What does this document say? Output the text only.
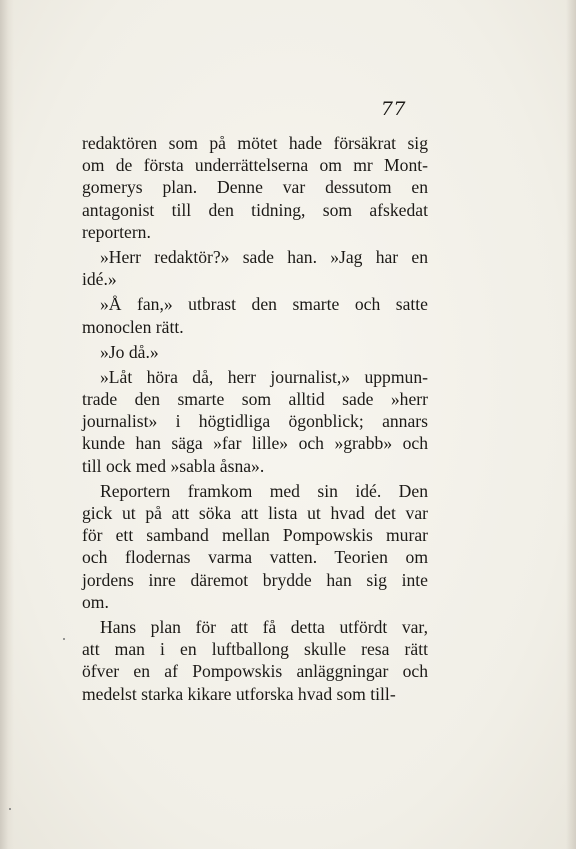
77
redaktören som på mötet hade försäkrat sig
om de första underrättelserna om mr Mont-
gomerys plan. Denne var dessutom en
antagonist till den tidning, som afskedat
reportern.
»Herr redaktör?» sade han. »Jag har en
idé.»
»Å fan,» utbrast den smarte och satte
monoclen rätt.
»Jo då.»
»Låt höra då, herr journalist,» uppmun-
trade den smarte som alltid sade »herr
journalist» i högtidliga ögonblick; annars
kunde han säga »far lille» och »grabb» och
till ock med »sabla åsna».
Reportern framkom med sin idé. Den
gick ut på att söka att lista ut hvad det var
för ett samband mellan Pompowskis murar
och flodernas varma vatten. Teorien om
jordens inre däremot brydde han sig inte
om.
Hans plan för att få detta utfördt var,
att man i en luftballong skulle resa rätt
öfver en af Pompowskis anläggningar och
medelst starka kikare utforska hvad som till-
